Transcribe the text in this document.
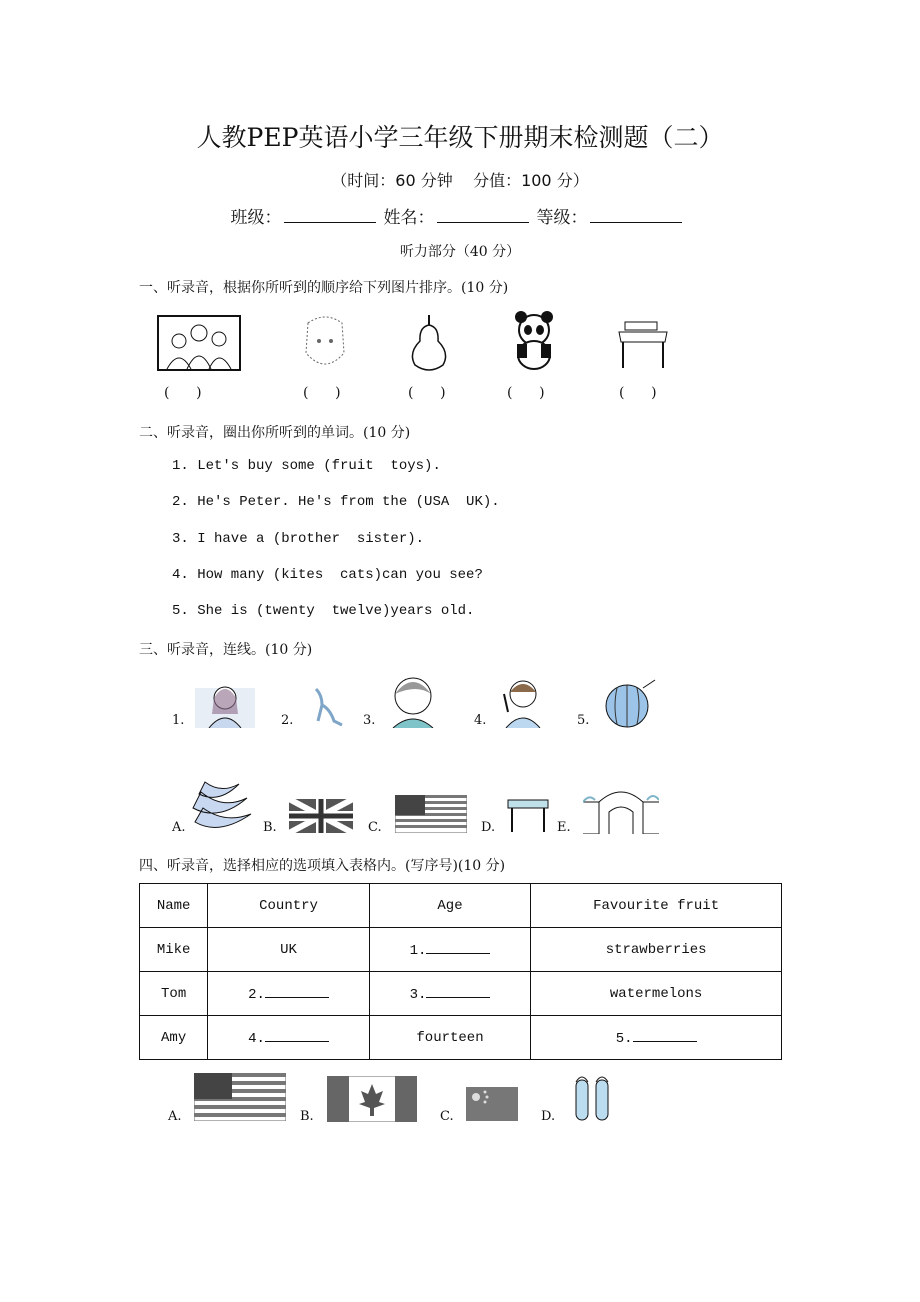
人教PEP英语小学三年级下册期末检测题（二）
（时间：60 分钟    分值：100 分）
班级：	姓名：	等级：
听力部分（40 分）
一、听录音，根据你所听到的顺序给下列图片排序。(10 分)
(      )	(      )	(      )	(      )	(      )
二、听录音，圈出你所听到的单词。(10 分)
1. Let's buy some (fruit  toys).
2. He's Peter. He's from the (USA  UK).
3. I have a (brother  sister).
4. How many (kites  cats)can you see?
5. She is (twenty  twelve)years old.
三、听录音，连线。(10 分)
1.	2.	3.	4.	5.
A.	B.	C.	D.	E.
四、听录音，选择相应的选项填入表格内。(写序号)(10 分)
Name	Country	Age	Favourite fruit
Mike	UK	1.	strawberries
Tom	2.	3.	watermelons
Amy	4.	fourteen	5.
A.	B.	C.	D.
